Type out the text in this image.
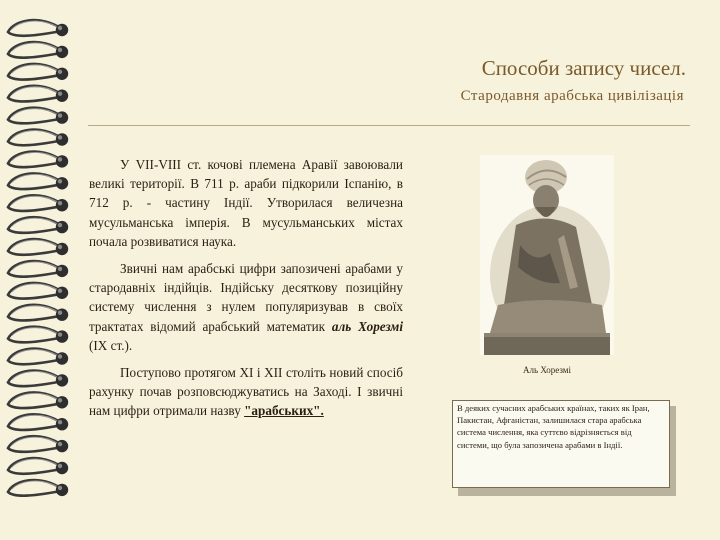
Способи запису чисел.
Стародавня арабська цивілізація

У VII-VIII ст. кочові племена Аравії завоювали великі території. В 711 р. араби підкорили Іспанію, в 712 р. - частину Індії. Утворилася величезна мусульманська імперія. В мусульманських містах почала розвиватися наука.

Звичні нам арабські цифри запозичені арабами у стародавніх індійців. Індійську десяткову позиційну систему числення з нулем популяризував в своїх трактатах відомий арабський математик аль Хорезмі (IX ст.).

Поступово протягом XI і XII століть новий спосіб рахунку почав розповсюджуватись на Заході. І звичні нам цифри отримали назву "арабських".

Аль Хорезмі
В деяких сучасних арабських країнах, таких як Іран, Пакистан, Афганістан, залишилася стара арабська система числення, яка суттєво відрізняється від системи, що була запозичена арабами в Індії.
